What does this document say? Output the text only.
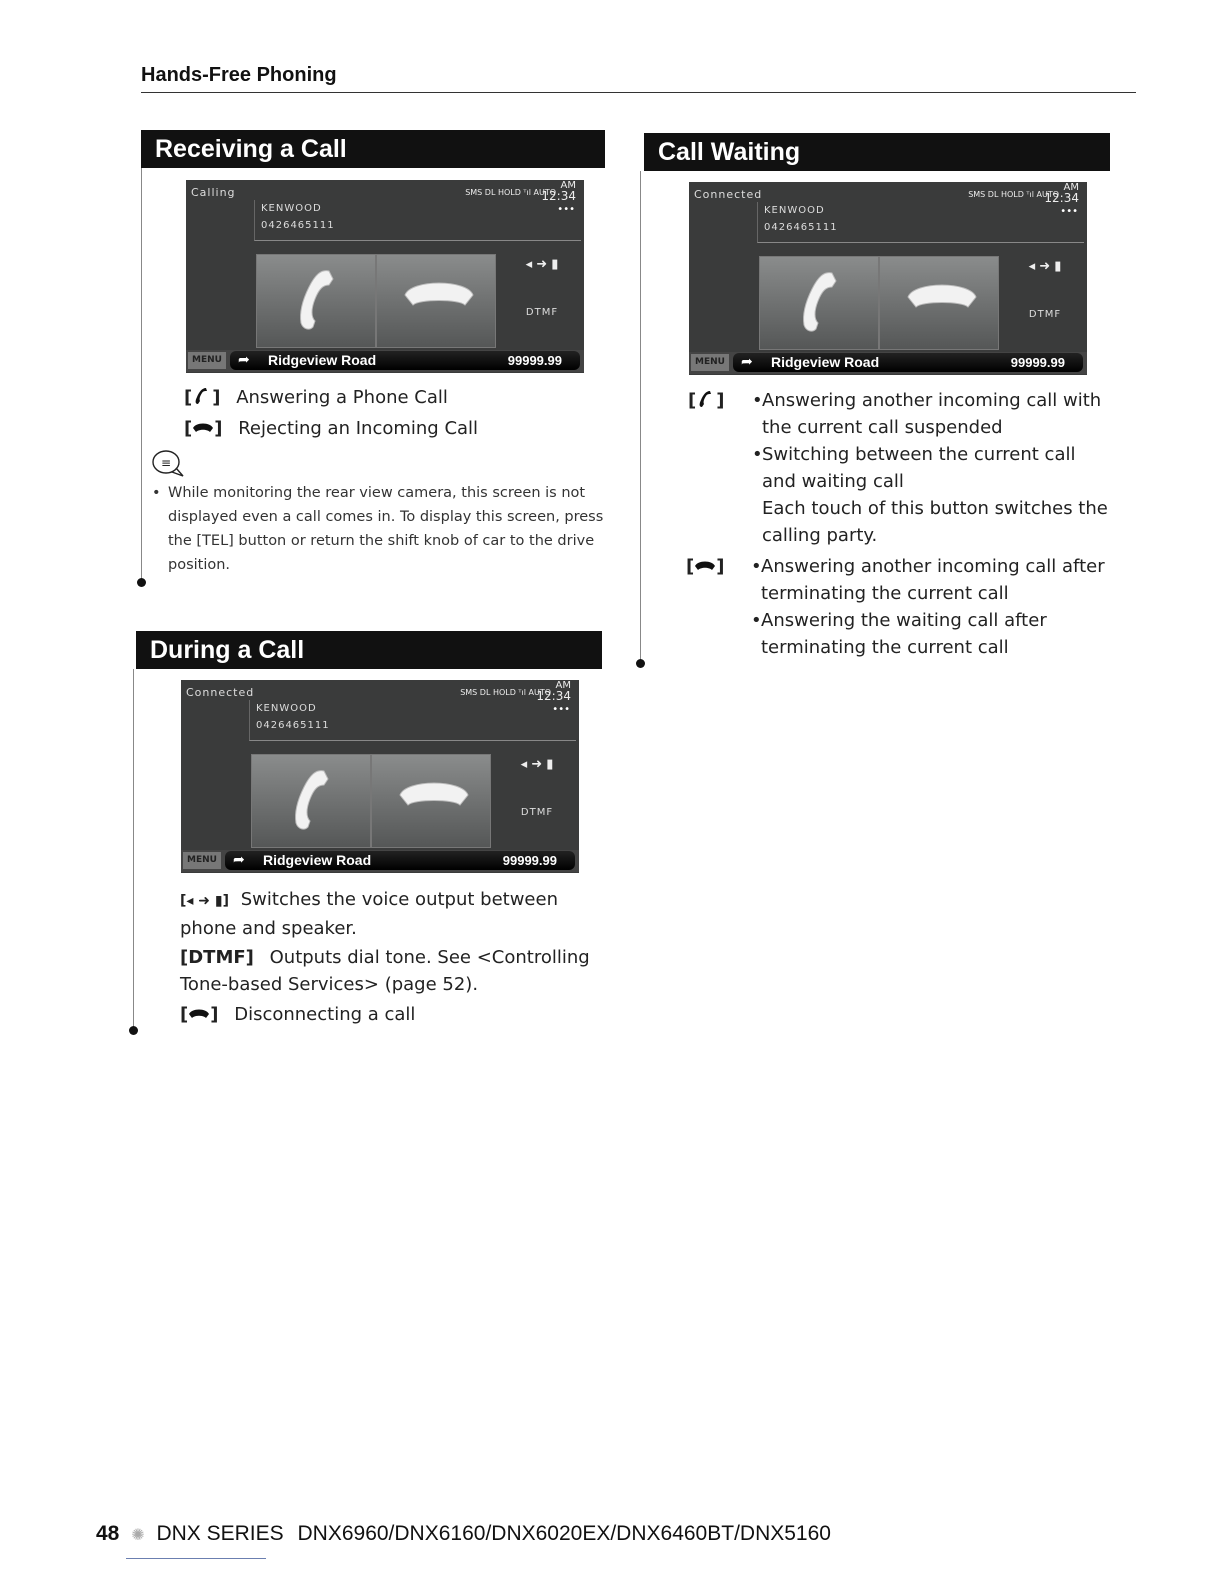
Hands-Free Phoning
Receiving a Call
Calling	SMS DL HOLD ᵀıl AUTO
AM
12:34
KENWOOD
0426465111
•••
◂ ➜ ▮
DTMF
MENU ➦ Ridgeview Road	99999.99
[ ] Answering a Phone Call
[ ] Rejecting an Incoming Call
≡
• While monitoring the rear view camera, this screen is not displayed even a call comes in. To display this screen, press the [TEL] button or return the shift knob of car to the drive position.
During a Call
Connected	SMS DL HOLD ᵀıl AUTO
AM
12:34
KENWOOD
0426465111
•••
◂ ➜ ▮
DTMF
MENU ➦ Ridgeview Road	99999.99
[◂ ➜ ▮] Switches the voice output between phone and speaker.
[DTMF] Outputs dial tone. See <Controlling Tone-based Services> (page 52).
[ ] Disconnecting a call
Call Waiting
Connected	SMS DL HOLD ᵀıl AUTO
AM
12:34
KENWOOD
0426465111
•••
◂ ➜ ▮
DTMF
MENU ➦ Ridgeview Road	99999.99
[ ] • Answering another incoming call with the current call suspended
• Switching between the current call and waiting call
Each touch of this button switches the calling party.
[ ] • Answering another incoming call after terminating the current call
• Answering the waiting call after terminating the current call
48 ✺ DNX SERIES DNX6960/DNX6160/DNX6020EX/DNX6460BT/DNX5160
